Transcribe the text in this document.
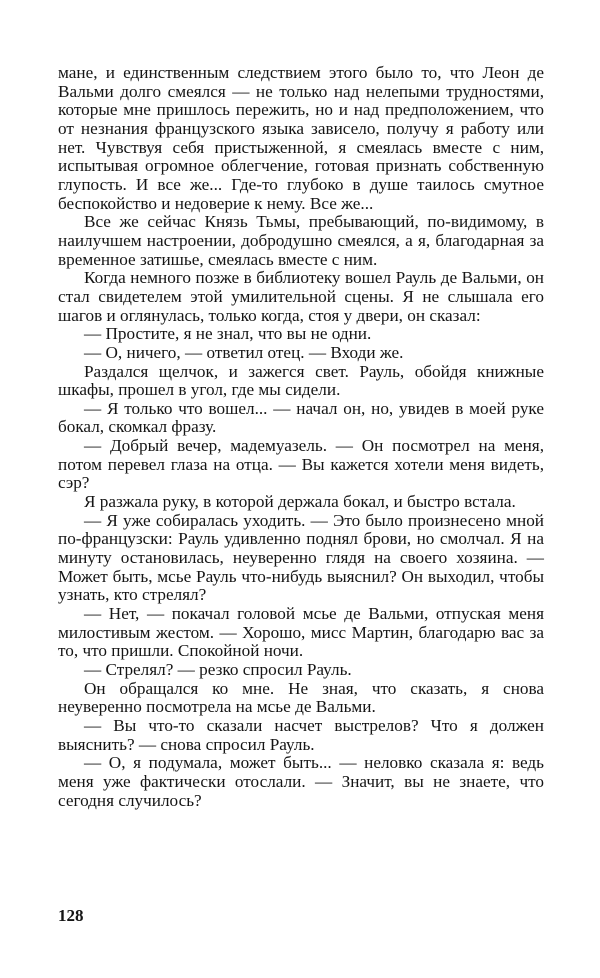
мане, и единственным следствием этого было то, что Леон де Вальми долго смеялся — не только над нелепыми трудностями, которые мне пришлось пережить, но и над предположением, что от незнания французского языка зависело, получу я работу или нет. Чувствуя себя пристыженной, я смеялась вместе с ним, испытывая огромное облегчение, готовая признать собственную глупость. И все же... Где-то глубоко в душе таилось смутное беспокойство и недоверие к нему. Все же...

Все же сейчас Князь Тьмы, пребывающий, по-видимому, в наилучшем настроении, добродушно смеялся, а я, благодарная за временное затишье, смеялась вместе с ним.

Когда немного позже в библиотеку вошел Рауль де Вальми, он стал свидетелем этой умилительной сцены. Я не слышала его шагов и оглянулась, только когда, стоя у двери, он сказал:

— Простите, я не знал, что вы не одни.

— О, ничего, — ответил отец. — Входи же.

Раздался щелчок, и зажегся свет. Рауль, обойдя книжные шкафы, прошел в угол, где мы сидели.

— Я только что вошел... — начал он, но, увидев в моей руке бокал, скомкал фразу.

— Добрый вечер, мадемуазель. — Он посмотрел на меня, потом перевел глаза на отца. — Вы кажется хотели меня видеть, сэр?

Я разжала руку, в которой держала бокал, и быстро встала.

— Я уже собиралась уходить. — Это было произнесено мной по-французски: Рауль удивленно поднял брови, но смолчал. Я на минуту остановилась, неуверенно глядя на своего хозяина. — Может быть, мсье Рауль что-нибудь выяснил? Он выходил, чтобы узнать, кто стрелял?

— Нет, — покачал головой мсье де Вальми, отпуская меня милостивым жестом. — Хорошо, мисс Мартин, благодарю вас за то, что пришли. Спокойной ночи.

— Стрелял? — резко спросил Рауль.

Он обращался ко мне. Не зная, что сказать, я снова неуверенно посмотрела на мсье де Вальми.

— Вы что-то сказали насчет выстрелов? Что я должен выяснить? — снова спросил Рауль.

— О, я подумала, может быть... — неловко сказала я: ведь меня уже фактически отослали. — Значит, вы не знаете, что сегодня случилось?

128
